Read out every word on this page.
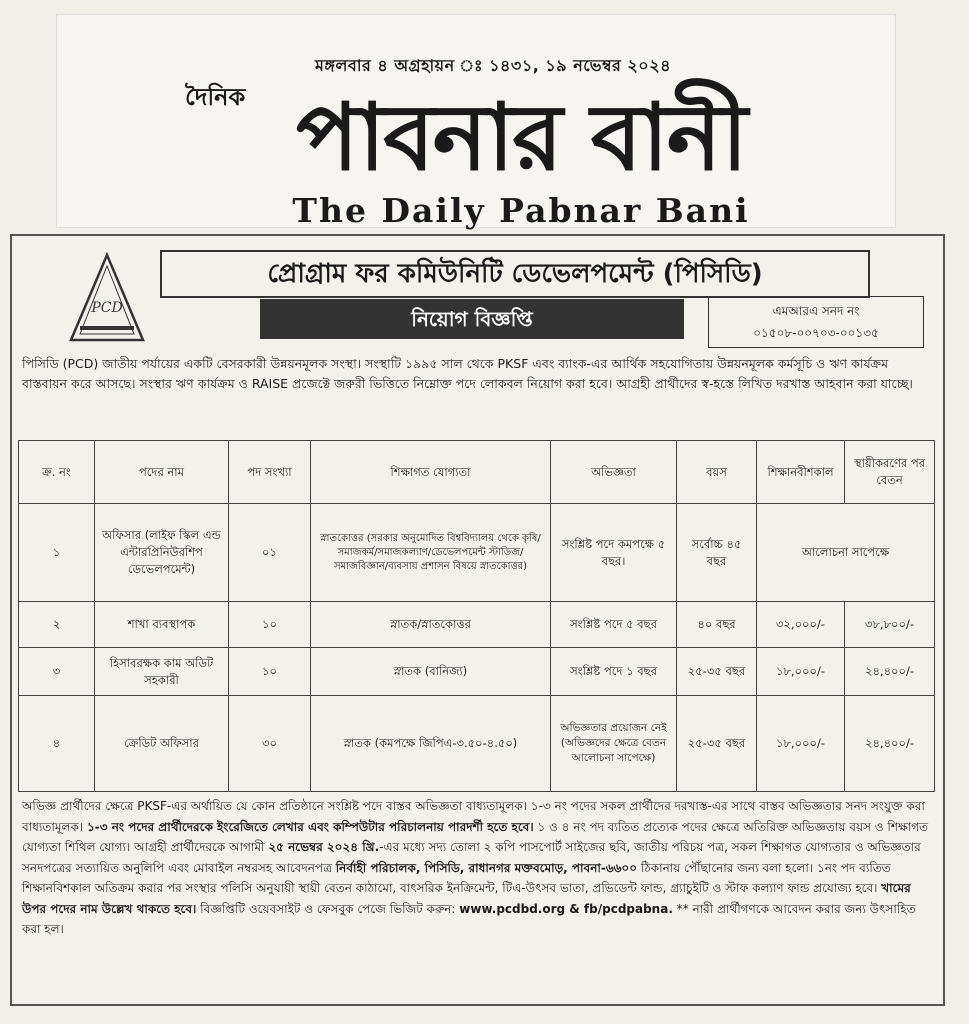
মঙ্গলবার ৪ অগ্রহায়ন ঃ ১৪৩১, ১৯ নভেম্বর ২০২৪
দৈনিক পাবনার বানী
The Daily Pabnar Bani
PCD
প্রোগ্রাম ফর কমিউনিটি ডেভেলপমেন্ট (পিসিডি)
নিয়োগ বিজ্ঞপ্তি	এমআরএ সনদ নং
০১৫০৮-০০৭০৩-০০১৩৫
পিসিডি (PCD) জাতীয় পর্যায়ের একটি বেসরকারী উন্নয়নমূলক সংস্থা। সংস্থাটি ১৯৯৫ সাল থেকে PKSF এবং ব্যাংক-এর আর্থিক সহযোগিতায় উন্নয়নমূলক কর্মসূচি ও ঋণ কার্যক্রম বাস্তবায়ন করে আসছে। সংস্থার ঋণ কার্যক্রম ও RAISE প্রজেক্টে জরুরী ভিত্তিতে নিম্নোক্ত পদে লোকবল নিয়োগ করা হবে। আগ্রহী প্রার্থীদের স্ব-হস্তে লিখিত দরখাস্ত আহবান করা যাচ্ছে।
ক্র. নং	পদের নাম	পদ সংখ্যা	শিক্ষাগত যোগ্যতা	অভিজ্ঞতা	বয়স	শিক্ষানবীশকাল	স্থায়ীকরণের পর বেতন
১	অফিসার (লাইফ স্কিল এন্ড এন্টারপ্রিনিউরশিপ ডেভেলপমেন্ট)	০১	স্নাতকোত্তর (সরকার অনুমোদিত বিশ্ববিদ্যালয় থেকে কৃষি/সমাজকর্ম/সমাজকল্যাণ/ডেভেলপমেন্ট স্টাডিজ/সমাজবিজ্ঞান/ব্যবসায় প্রশাসন বিষয়ে স্নাতকোত্তর)	সংশ্লিষ্ট পদে কমপক্ষে ৫ বছর।	সর্বোচ্চ ৪৫ বছর	আলোচনা সাপেক্ষে	
২	শাখা ব্যবস্থাপক	১০	স্নাতক/স্নাতকোত্তর	সংশ্লিষ্ট পদে ৫ বছর	৪০ বছর	৩২,০০০/-	৩৮,৮০০/-
৩	হিসাবরক্ষক কাম অডিট সহকারী	১০	স্নাতক (বানিজ্য)	সংশ্লিষ্ট পদে ১ বছর	২৫-৩৫ বছর	১৮,০০০/-	২৪,৪০০/-
৪	ক্রেডিট অফিসার	৩০	স্নাতক (কমপক্ষে জিপিএ-৩.৫০-৪.৫০)	অভিজ্ঞতার প্রয়োজন নেই (অভিজ্ঞদের ক্ষেত্রে বেতন আলোচনা সাপেক্ষে)	২৫-৩৫ বছর	১৮,০০০/-	২৪,৪০০/-
অভিজ্ঞ প্রার্থীদের ক্ষেত্রে PKSF-এর অর্থায়িত যে কোন প্রতিষ্ঠানে সংশ্লিষ্ট পদে বাস্তব অভিজ্ঞতা বাধ্যতামূলক। ১-৩ নং পদের সকল প্রার্থীদের দরখাস্ত-এর সাথে বাস্তব অভিজ্ঞতার সনদ সংযুক্ত করা বাধ্যতামূলক। ১-৩ নং পদের প্রার্থীদেরকে ইংরেজিতে লেখার এবং কম্পিউটার পরিচালনায় পারদর্শী হতে হবে। ১ ও ৪ নং পদ ব্যতিত প্রত্যেক পদের ক্ষেত্রে অতিরিক্ত অভিজ্ঞতায় বয়স ও শিক্ষাগত যোগ্যতা শিথিল যোগ্য। আগ্রহী প্রার্থীদেরকে আগামী ২৫ নভেম্বর ২০২৪ খ্রি.-এর মধ্যে সদ্য তোলা ২ কপি পাসপোর্ট সাইজের ছবি, জাতীয় পরিচয় পত্র, সকল শিক্ষাগত যোগ্যতার ও অভিজ্ঞতার সনদপত্রের সত্যায়িত অনুলিপি এবং মোবাইল নম্বরসহ আবেদনপত্র নির্বাহী পরিচালক, পিসিডি, রাধানগর মক্তবমোড়, পাবনা-৬৬০০ ঠিকানায় পৌঁছানোর জন্য বলা হলো। ১নং পদ ব্যতিত শিক্ষানবিশকাল অতিক্রম করার পর সংস্থার পলিসি অনুযায়ী স্থায়ী বেতন কাঠামো, বাৎসরিক ইনক্রিমেন্ট, টিএ-উৎসব ভাতা, প্রভিডেন্ট ফান্ড, গ্র্যাচুইটি ও স্টাফ কল্যাণ ফান্ড প্রযোজ্য হবে। খামের উপর পদের নাম উল্লেখ থাকতে হবে। বিজ্ঞপ্তিটি ওয়েবসাইট ও ফেসবুক পেজে ভিজিট করুন: www.pcdbd.org & fb/pcdpabna. ** নারী প্রার্থীগণকে আবেদন করার জন্য উৎসাহিত করা হল।
